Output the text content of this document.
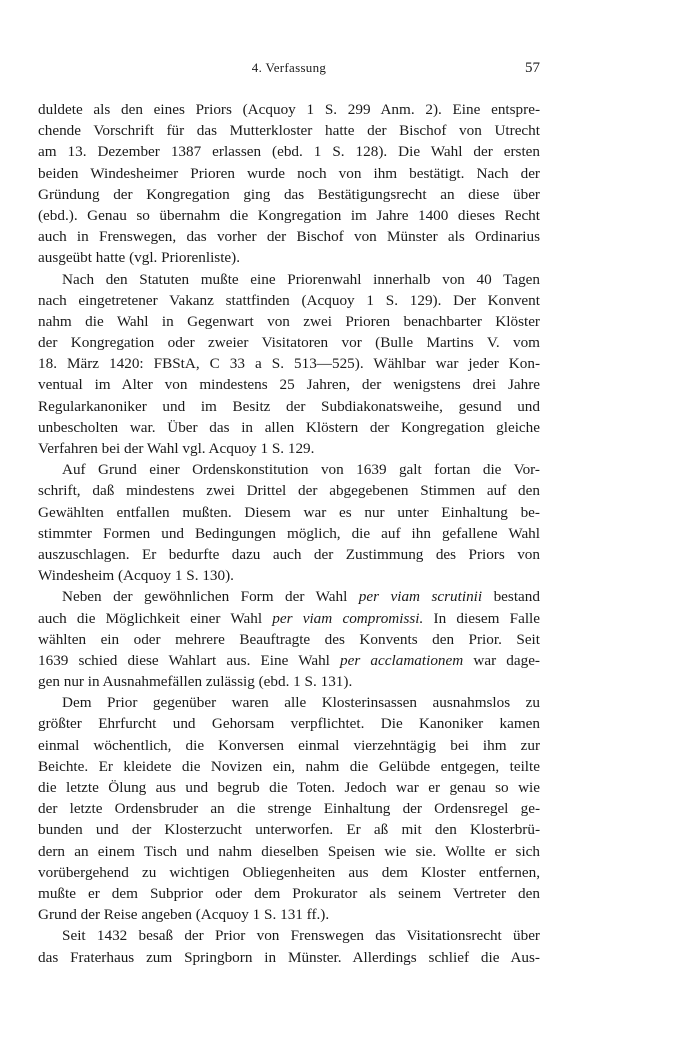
4. Verfassung	57
duldete als den eines Priors (Acquoy 1 S. 299 Anm. 2). Eine entspre-
chende Vorschrift für das Mutterkloster hatte der Bischof von Utrecht
am 13. Dezember 1387 erlassen (ebd. 1 S. 128). Die Wahl der ersten
beiden Windesheimer Prioren wurde noch von ihm bestätigt. Nach der
Gründung der Kongregation ging das Bestätigungsrecht an diese über
(ebd.). Genau so übernahm die Kongregation im Jahre 1400 dieses Recht
auch in Frenswegen, das vorher der Bischof von Münster als Ordinarius
ausgeübt hatte (vgl. Priorenliste).
Nach den Statuten mußte eine Priorenwahl innerhalb von 40 Tagen
nach eingetretener Vakanz stattfinden (Acquoy 1 S. 129). Der Konvent
nahm die Wahl in Gegenwart von zwei Prioren benachbarter Klöster
der Kongregation oder zweier Visitatoren vor (Bulle Martins V. vom
18. März 1420: FBStA, C 33 a S. 513—525). Wählbar war jeder Kon-
ventual im Alter von mindestens 25 Jahren, der wenigstens drei Jahre
Regularkanoniker und im Besitz der Subdiakonatsweihe, gesund und
unbescholten war. Über das in allen Klöstern der Kongregation gleiche
Verfahren bei der Wahl vgl. Acquoy 1 S. 129.
Auf Grund einer Ordenskonstitution von 1639 galt fortan die Vor-
schrift, daß mindestens zwei Drittel der abgegebenen Stimmen auf den
Gewählten entfallen mußten. Diesem war es nur unter Einhaltung be-
stimmter Formen und Bedingungen möglich, die auf ihn gefallene Wahl
auszuschlagen. Er bedurfte dazu auch der Zustimmung des Priors von
Windesheim (Acquoy 1 S. 130).
Neben der gewöhnlichen Form der Wahl per viam scrutinii bestand
auch die Möglichkeit einer Wahl per viam compromissi. In diesem Falle
wählten ein oder mehrere Beauftragte des Konvents den Prior. Seit
1639 schied diese Wahlart aus. Eine Wahl per acclamationem war dage-
gen nur in Ausnahmefällen zulässig (ebd. 1 S. 131).
Dem Prior gegenüber waren alle Klosterinsassen ausnahmslos zu
größter Ehrfurcht und Gehorsam verpflichtet. Die Kanoniker kamen
einmal wöchentlich, die Konversen einmal vierzehntägig bei ihm zur
Beichte. Er kleidete die Novizen ein, nahm die Gelübde entgegen, teilte
die letzte Ölung aus und begrub die Toten. Jedoch war er genau so wie
der letzte Ordensbruder an die strenge Einhaltung der Ordensregel ge-
bunden und der Klosterzucht unterworfen. Er aß mit den Klosterbrü-
dern an einem Tisch und nahm dieselben Speisen wie sie. Wollte er sich
vorübergehend zu wichtigen Obliegenheiten aus dem Kloster entfernen,
mußte er dem Subprior oder dem Prokurator als seinem Vertreter den
Grund der Reise angeben (Acquoy 1 S. 131 ff.).
Seit 1432 besaß der Prior von Frenswegen das Visitationsrecht über
das Fraterhaus zum Springborn in Münster. Allerdings schlief die Aus-
